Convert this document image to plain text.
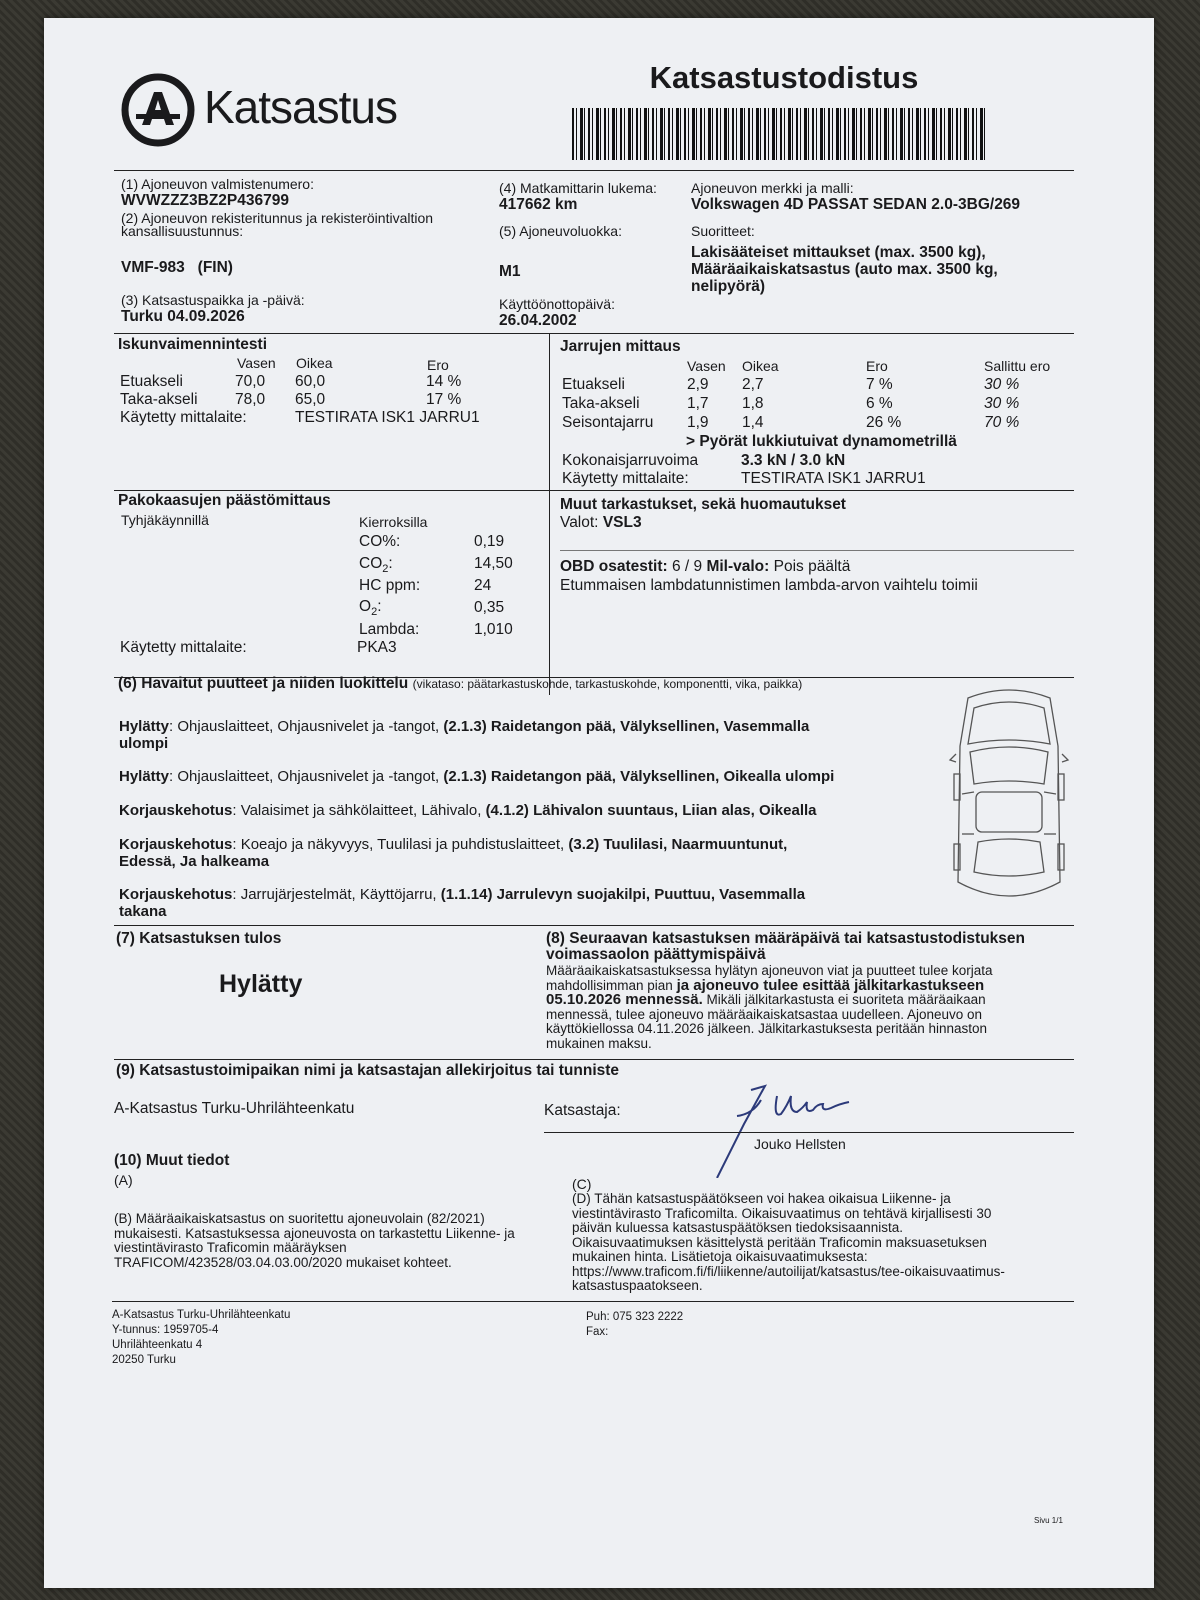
Katsastus
Katsastustodistus
(1) Ajoneuvon valmistenumero:
WVWZZZ3BZ2P436799
(2) Ajoneuvon rekisteritunnus ja rekisteröintivaltion
kansallisuustunnus:
VMF-983   (FIN)
(3) Katsastuspaikka ja -päivä:
Turku 04.09.2026
(4) Matkamittarin lukema:
417662 km
(5) Ajoneuvoluokka:
M1
Käyttöönottopäivä:
26.04.2002
Ajoneuvon merkki ja malli:
Volkswagen 4D PASSAT SEDAN 2.0-3BG/269
Suoritteet:
Lakisääteiset mittaukset (max. 3500 kg),
Määräaikaiskatsastus (auto max. 3500 kg,
nelipyörä)
Iskunvaimennintesti
Vasen Oikea	Ero
Etuakseli	70,0 60,0	14 %
Taka-akseli 78,0 65,0	17 %
Käytetty mittalaite:	TESTIRATA ISK1 JARRU1
Jarrujen mittaus
Vasen Oikea	Ero	Sallittu ero
Etuakseli	2,9 2,7	7 %	30 %
Taka-akseli	1,7 1,8	6 %	30 %
Seisontajarru 1,9 1,4	26 %	70 %
> Pyörät lukkiutuivat dynamometrillä
Kokonaisjarruvoima	3.3 kN / 3.0 kN
Käytetty mittalaite:	TESTIRATA ISK1 JARRU1
Pakokaasujen päästömittaus
Tyhjäkäynnillä	Kierroksilla
CO%:	0,19
$CO_2$:	14,50
HC ppm:	24
$O_2$:	0,35
Lambda:	1,010
Käytetty mittalaite:	PKA3
Muut tarkastukset, sekä huomautukset
Valot: VSL3
OBD osatestit: 6 / 9 Mil-valo: Pois päältä
Etummaisen lambdatunnistimen lambda-arvon vaihtelu toimii
(6) Havaitut puutteet ja niiden luokittelu (vikataso: päätarkastuskohde, tarkastuskohde, komponentti, vika, paikka)
Hylätty: Ohjauslaitteet, Ohjausnivelet ja -tangot, (2.1.3) Raidetangon pää, Välyksellinen, Vasemmalla
ulompi
Hylätty: Ohjauslaitteet, Ohjausnivelet ja -tangot, (2.1.3) Raidetangon pää, Välyksellinen, Oikealla ulompi
Korjauskehotus: Valaisimet ja sähkölaitteet, Lähivalo, (4.1.2) Lähivalon suuntaus, Liian alas, Oikealla
Korjauskehotus: Koeajo ja näkyvyys, Tuulilasi ja puhdistuslaitteet, (3.2) Tuulilasi, Naarmuuntunut,
Edessä, Ja halkeama
Korjauskehotus: Jarrujärjestelmät, Käyttöjarru, (1.1.14) Jarrulevyn suojakilpi, Puuttuu, Vasemmalla
takana
(7) Katsastuksen tulos
Hylätty
(8) Seuraavan katsastuksen määräpäivä tai katsastustodistuksen
voimassaolon päättymispäivä
Määräaikaiskatsastuksessa hylätyn ajoneuvon viat ja puutteet tulee korjata
mahdollisimman pian ja ajoneuvo tulee esittää jälkitarkastukseen
05.10.2026 mennessä. Mikäli jälkitarkastusta ei suoriteta määräaikaan
mennessä, tulee ajoneuvo määräaikaiskatsastaa uudelleen. Ajoneuvo on
käyttökiellossa 04.11.2026 jälkeen. Jälkitarkastuksesta peritään hinnaston
mukainen maksu.
(9) Katsastustoimipaikan nimi ja katsastajan allekirjoitus tai tunniste
A-Katsastus Turku-Uhrilähteenkatu	Katsastaja:
Jouko Hellsten
(10) Muut tiedot
(A)
(B) Määräaikaiskatsastus on suoritettu ajoneuvolain (82/2021)
mukaisesti. Katsastuksessa ajoneuvosta on tarkastettu Liikenne- ja
viestintävirasto Traficomin määräyksen
TRAFICOM/423528/03.04.03.00/2020 mukaiset kohteet.
(C)
(D) Tähän katsastuspäätökseen voi hakea oikaisua Liikenne- ja
viestintävirasto Traficomilta. Oikaisuvaatimus on tehtävä kirjallisesti 30
päivän kuluessa katsastuspäätöksen tiedoksisaannista.
Oikaisuvaatimuksen käsittelystä peritään Traficomin maksuasetuksen
mukainen hinta. Lisätietoja oikaisuvaatimuksesta:
https://www.traficom.fi/fi/liikenne/autoilijat/katsastus/tee-oikaisuvaatimus-
katsastuspaatokseen.
A-Katsastus Turku-Uhrilähteenkatu
Y-tunnus: 1959705-4
Uhrilähteenkatu 4
20250 Turku
Puh: 075 323 2222
Fax:
Sivu 1/1
